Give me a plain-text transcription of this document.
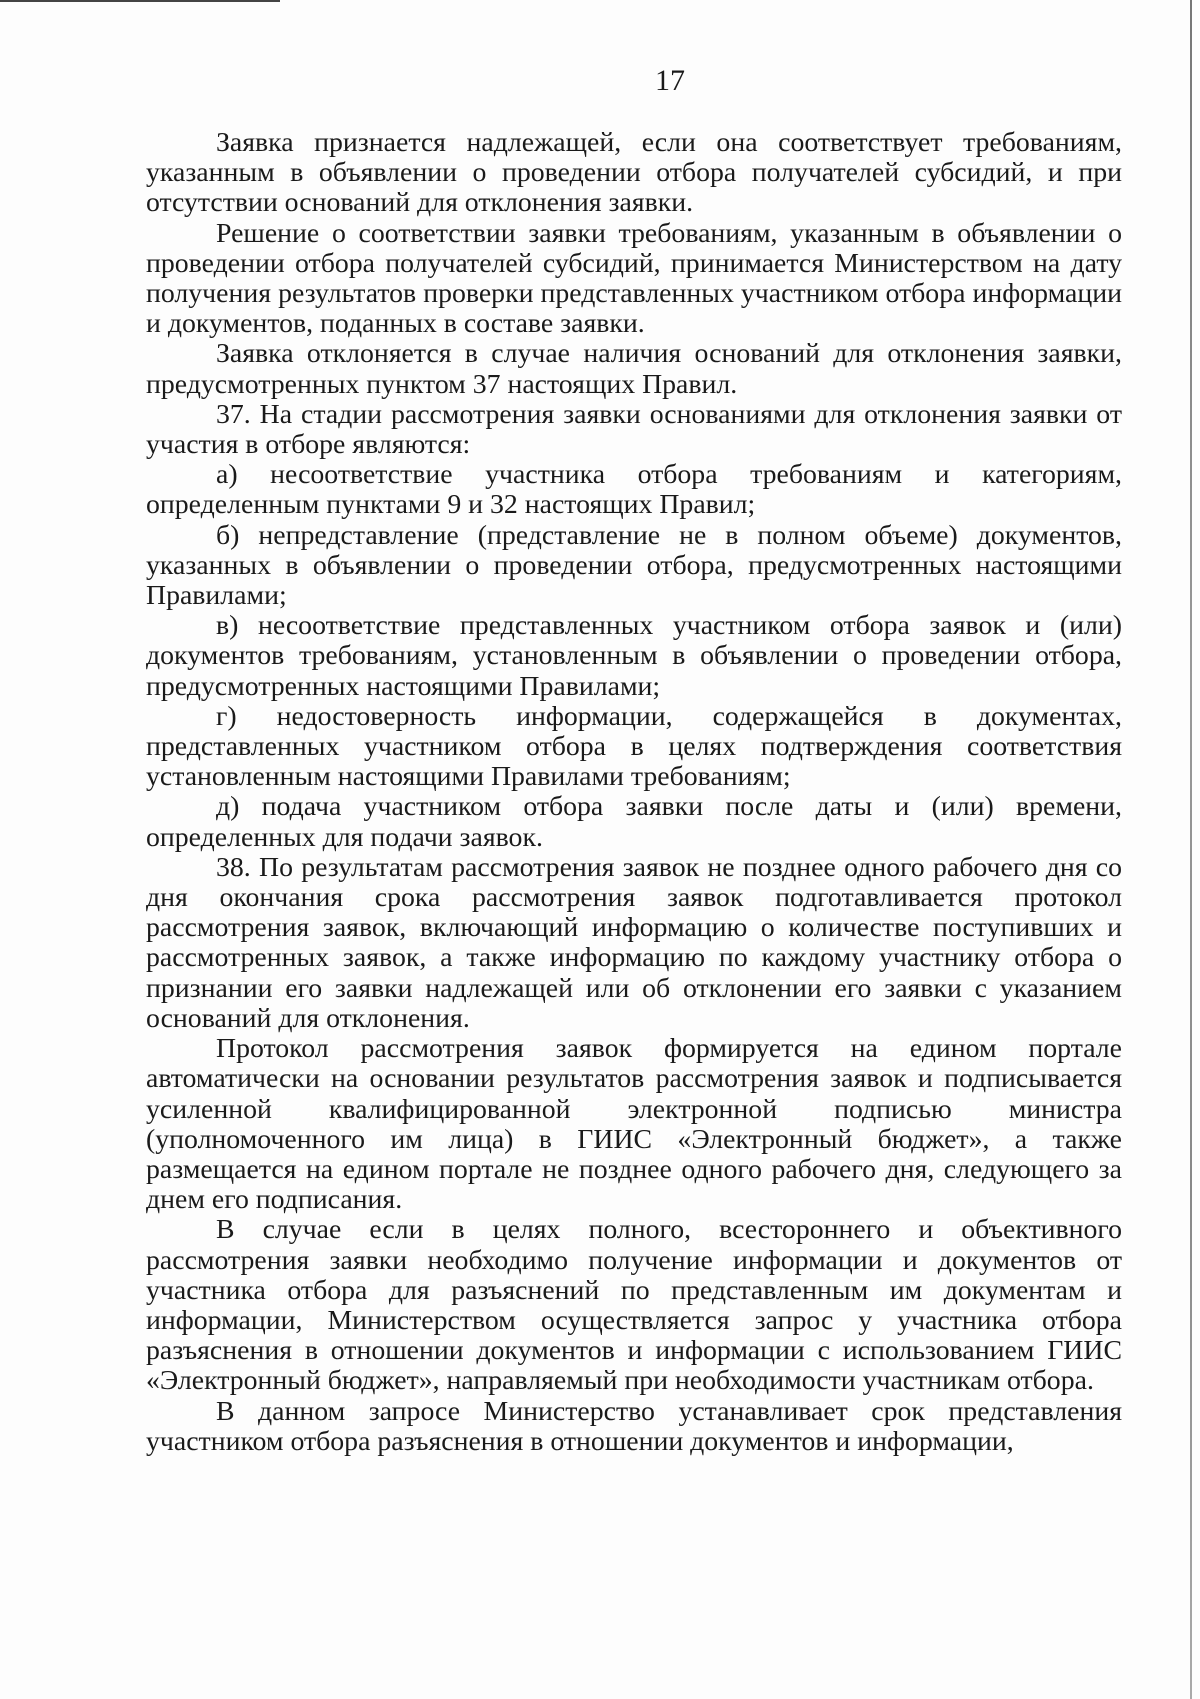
17

Заявка признается надлежащей, если она соответствует требованиям, указанным в объявлении о проведении отбора получателей субсидий, и при отсутствии оснований для отклонения заявки.

Решение о соответствии заявки требованиям, указанным в объявлении о проведении отбора получателей субсидий, принимается Министерством на дату получения результатов проверки представленных участником отбора информации и документов, поданных в составе заявки.

Заявка отклоняется в случае наличия оснований для отклонения заявки, предусмотренных пунктом 37 настоящих Правил.

37. На стадии рассмотрения заявки основаниями для отклонения заявки от участия в отборе являются:

а) несоответствие участника отбора требованиям и категориям, определенным пунктами 9 и 32 настоящих Правил;

б) непредставление (представление не в полном объеме) документов, указанных в объявлении о проведении отбора, предусмотренных настоящими Правилами;

в) несоответствие представленных участником отбора заявок и (или) документов требованиям, установленным в объявлении о проведении отбора, предусмотренных настоящими Правилами;

г) недостоверность информации, содержащейся в документах, представленных участником отбора в целях подтверждения соответствия установленным настоящими Правилами требованиям;

д) подача участником отбора заявки после даты и (или) времени, определенных для подачи заявок.

38. По результатам рассмотрения заявок не позднее одного рабочего дня со дня окончания срока рассмотрения заявок подготавливается протокол рассмотрения заявок, включающий информацию о количестве поступивших и рассмотренных заявок, а также информацию по каждому участнику отбора о признании его заявки надлежащей или об отклонении его заявки с указанием оснований для отклонения.

Протокол рассмотрения заявок формируется на едином портале автоматически на основании результатов рассмотрения заявок и подписывается усиленной квалифицированной электронной подписью министра (уполномоченного им лица) в ГИИС «Электронный бюджет», а также размещается на едином портале не позднее одного рабочего дня, следующего за днем его подписания.

В случае если в целях полного, всестороннего и объективного рассмотрения заявки необходимо получение информации и документов от участника отбора для разъяснений по представленным им документам и информации, Министерством осуществляется запрос у участника отбора разъяснения в отношении документов и информации с использованием ГИИС «Электронный бюджет», направляемый при необходимости участникам отбора.

В данном запросе Министерство устанавливает срок представления участником отбора разъяснения в отношении документов и информации,
